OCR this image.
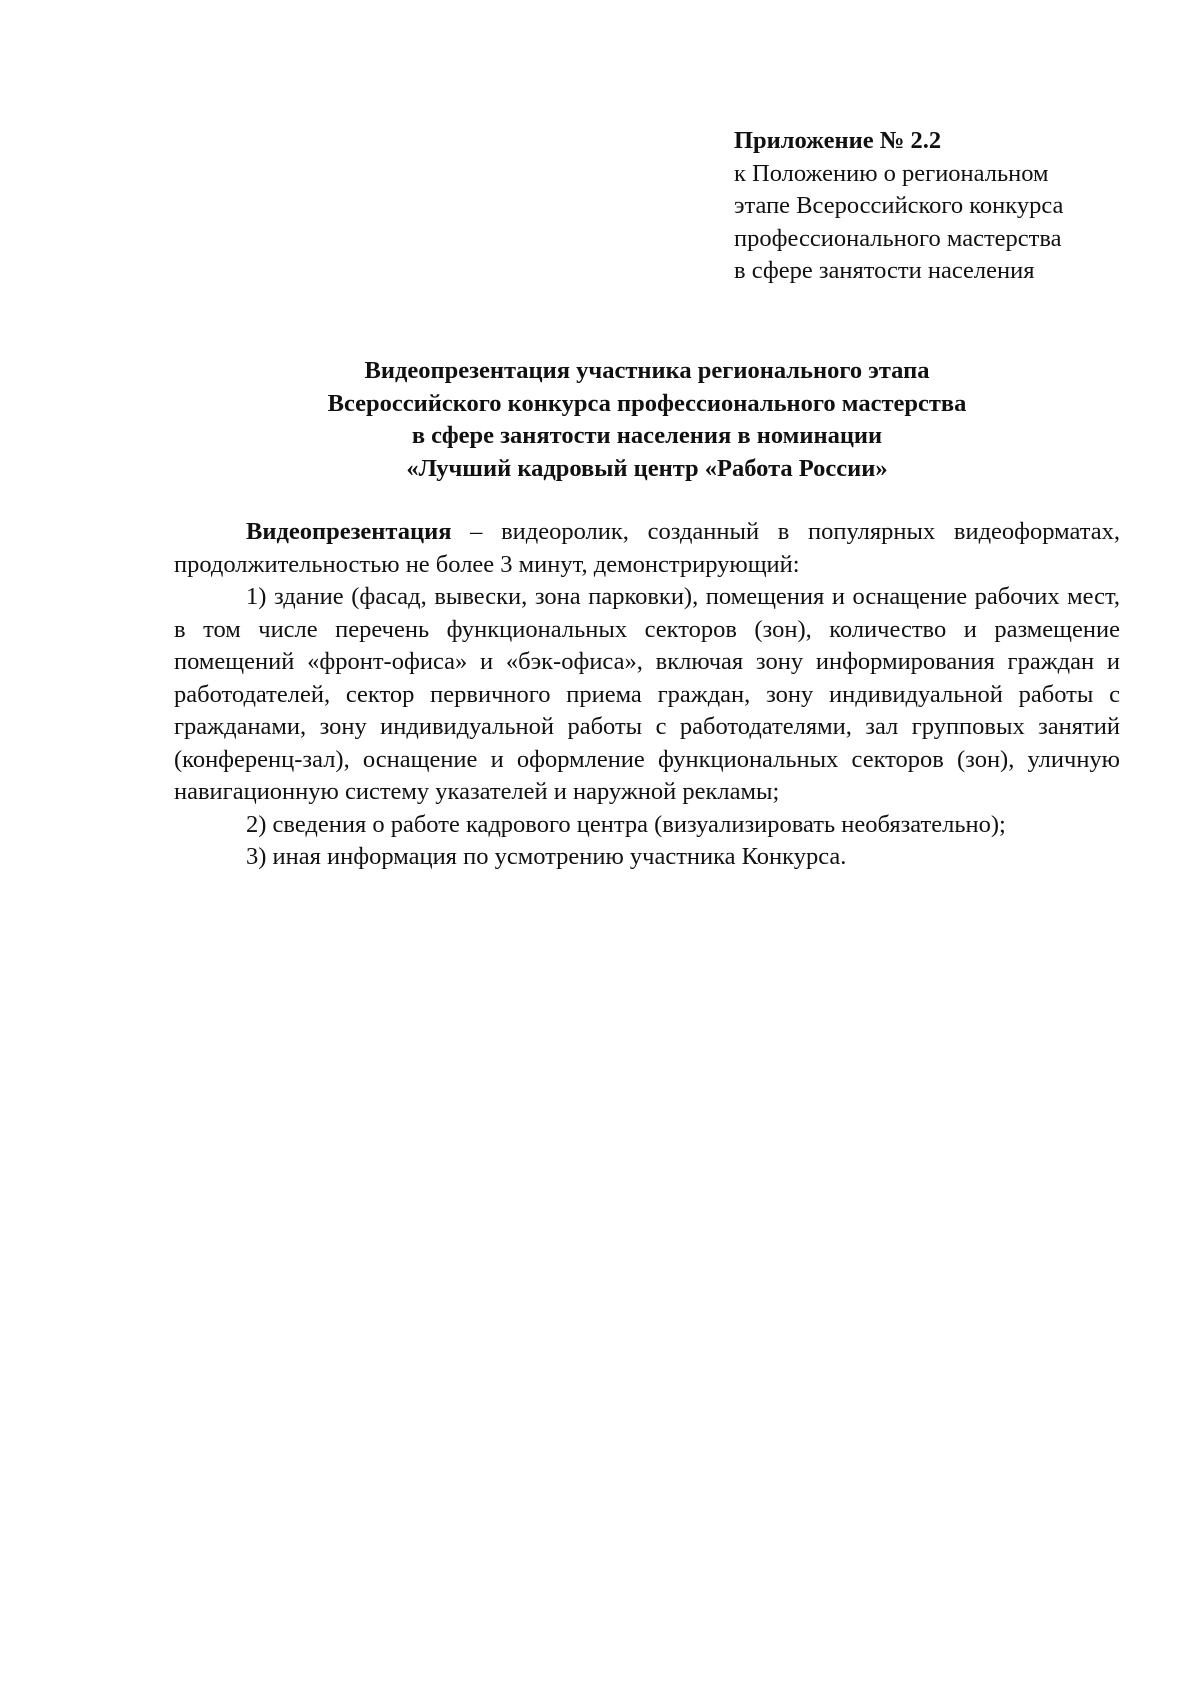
Приложение № 2.2
к Положению о региональном
этапе Всероссийского конкурса
профессионального мастерства
в сфере занятости населения
Видеопрезентация участника регионального этапа
Всероссийского конкурса профессионального мастерства
в сфере занятости населения в номинации
«Лучший кадровый центр «Работа России»

Видеопрезентация – видеоролик, созданный в популярных видеоформатах, продолжительностью не более 3 минут, демонстрирующий:

1) здание (фасад, вывески, зона парковки), помещения и оснащение рабочих мест, в том числе перечень функциональных секторов (зон), количество и размещение помещений «фронт-офиса» и «бэк-офиса», включая зону информирования граждан и работодателей, сектор первичного приема граждан, зону индивидуальной работы с гражданами, зону индивидуальной работы с работодателями, зал групповых занятий (конференц-зал), оснащение и оформление функциональных секторов (зон), уличную навигационную систему указателей и наружной рекламы;

2) сведения о работе кадрового центра (визуализировать необязательно);

3) иная информация по усмотрению участника Конкурса.
